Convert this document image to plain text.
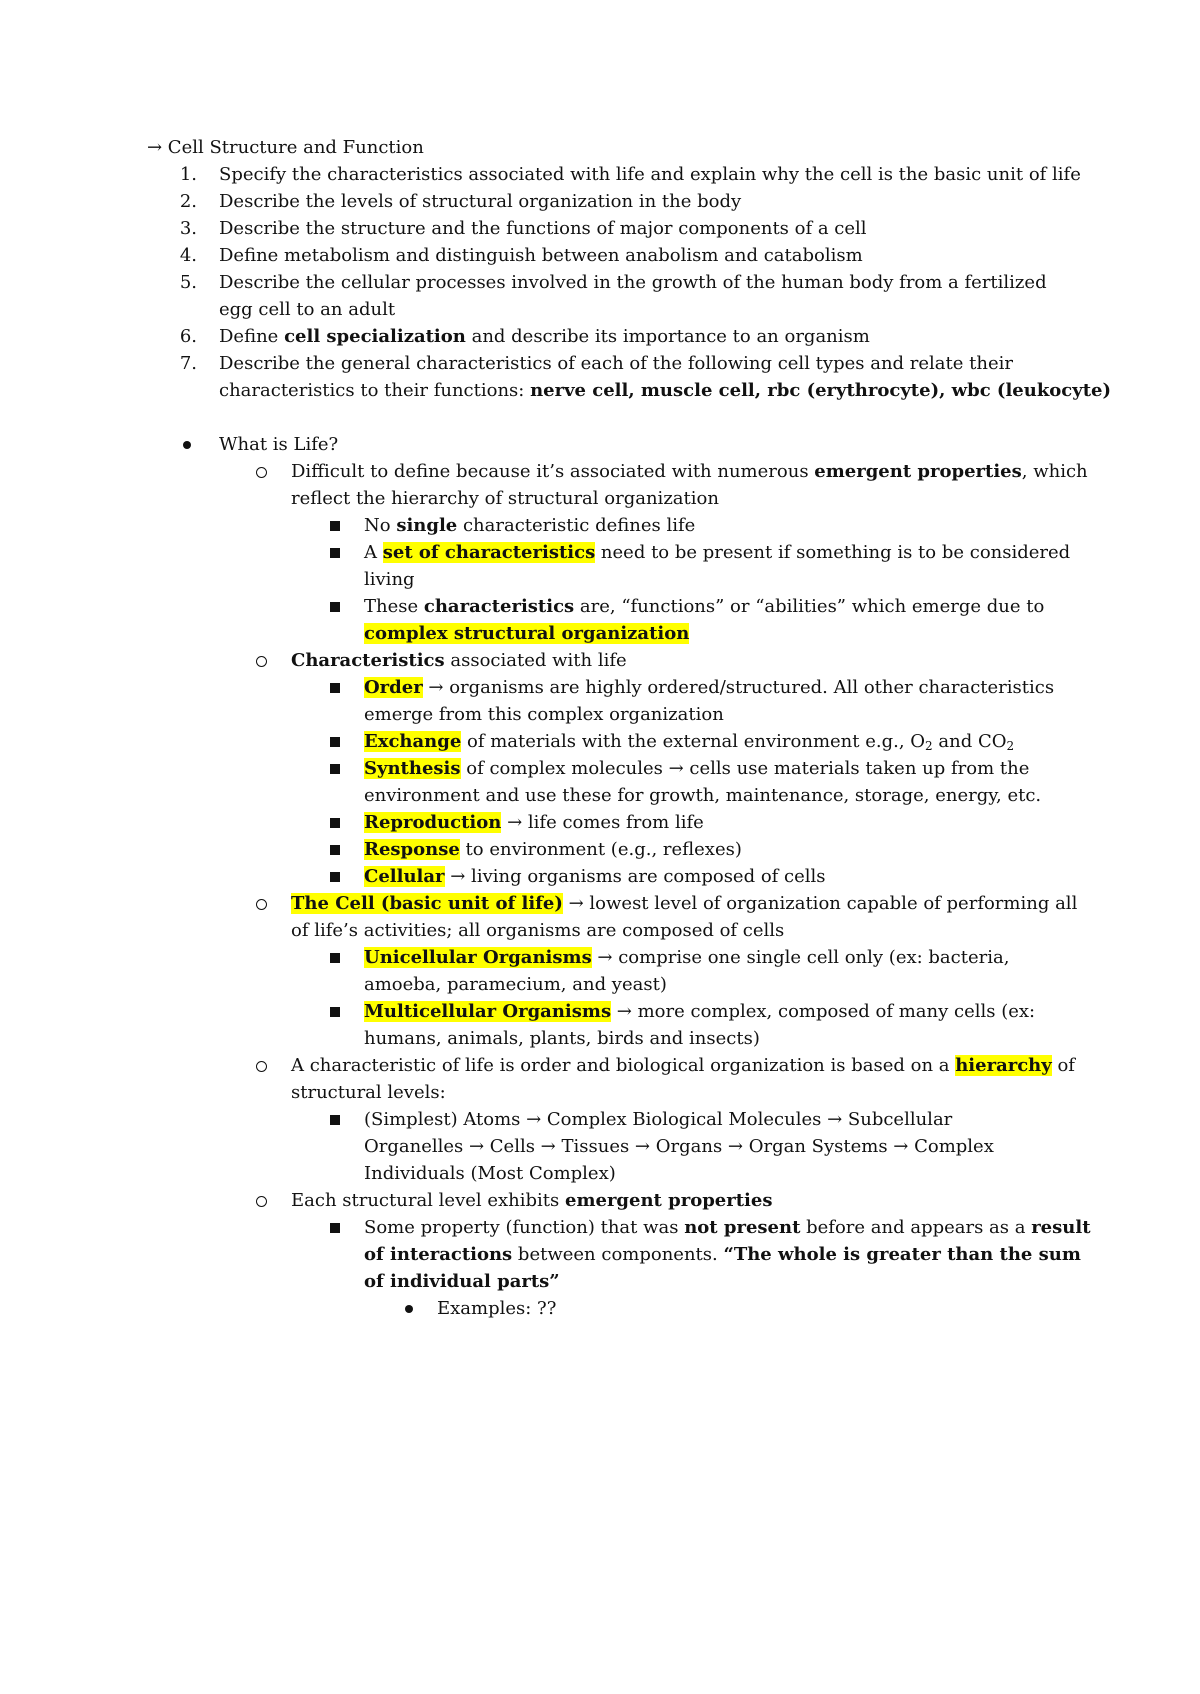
→ Cell Structure and Function
1. Specify the characteristics associated with life and explain why the cell is the basic unit of life
2. Describe the levels of structural organization in the body
3. Describe the structure and the functions of major components of a cell
4. Define metabolism and distinguish between anabolism and catabolism
5. Describe the cellular processes involved in the growth of the human body from a fertilized
egg cell to an adult
6. Define cell specialization and describe its importance to an organism
7. Describe the general characteristics of each of the following cell types and relate their
characteristics to their functions: nerve cell, muscle cell, rbc (erythrocyte), wbc (leukocyte)
What is Life?
Difficult to define because it’s associated with numerous emergent properties, which
reflect the hierarchy of structural organization
No single characteristic defines life
A set of characteristics need to be present if something is to be considered
living
These characteristics are, “functions” or “abilities” which emerge due to
complex structural organization
Characteristics associated with life
Order → organisms are highly ordered/structured. All other characteristics
emerge from this complex organization
Exchange of materials with the external environment e.g., $O_2$ and $CO_2$
Synthesis of complex molecules → cells use materials taken up from the
environment and use these for growth, maintenance, storage, energy, etc.
Reproduction → life comes from life
Response to environment (e.g., reflexes)
Cellular → living organisms are composed of cells
The Cell (basic unit of life) → lowest level of organization capable of performing all
of life’s activities; all organisms are composed of cells
Unicellular Organisms → comprise one single cell only (ex: bacteria,
amoeba, paramecium, and yeast)
Multicellular Organisms → more complex, composed of many cells (ex:
humans, animals, plants, birds and insects)
A characteristic of life is order and biological organization is based on a hierarchy of
structural levels:
(Simplest) Atoms → Complex Biological Molecules → Subcellular
Organelles → Cells → Tissues → Organs → Organ Systems → Complex
Individuals (Most Complex)
Each structural level exhibits emergent properties
Some property (function) that was not present before and appears as a result
of interactions between components. “The whole is greater than the sum
of individual parts”
Examples: ??
